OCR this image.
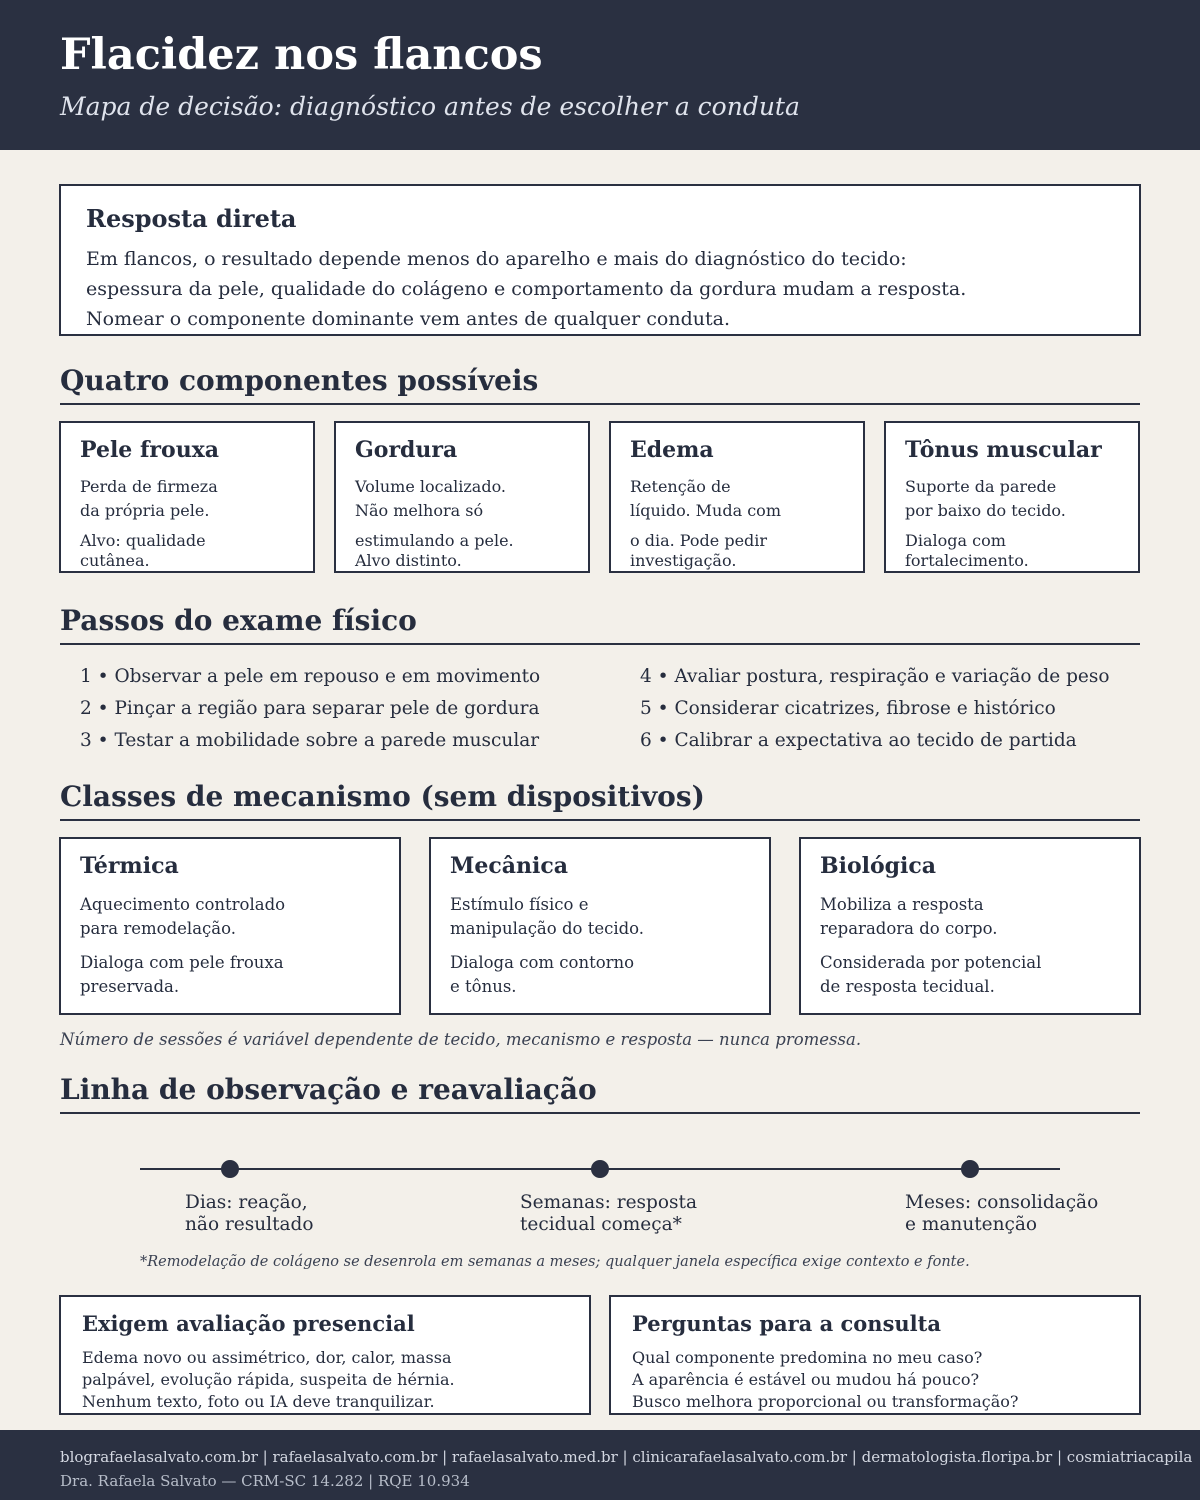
Flacidez nos flancos
Mapa de decisão: diagnóstico antes de escolher a conduta
Resposta direta
Em flancos, o resultado depende menos do aparelho e mais do diagnóstico do tecido:
espessura da pele, qualidade do colágeno e comportamento da gordura mudam a resposta.
Nomear o componente dominante vem antes de qualquer conduta.
Quatro componentes possíveis
Pele frouxa
Perda de firmeza
da própria pele.
Alvo: qualidade
cutânea.
Gordura
Volume localizado.
Não melhora só
estimulando a pele.
Alvo distinto.
Edema
Retenção de
líquido. Muda com
o dia. Pode pedir
investigação.
Tônus muscular
Suporte da parede
por baixo do tecido.
Dialoga com
fortalecimento.
Passos do exame físico
1 • Observar a pele em repouso e em movimento
2 • Pinçar a região para separar pele de gordura
3 • Testar a mobilidade sobre a parede muscular
4 • Avaliar postura, respiração e variação de peso
5 • Considerar cicatrizes, fibrose e histórico
6 • Calibrar a expectativa ao tecido de partida
Classes de mecanismo (sem dispositivos)
Térmica
Aquecimento controlado
para remodelação.
Dialoga com pele frouxa
preservada.
Mecânica
Estímulo físico e
manipulação do tecido.
Dialoga com contorno
e tônus.
Biológica
Mobiliza a resposta
reparadora do corpo.
Considerada por potencial
de resposta tecidual.
Número de sessões é variável dependente de tecido, mecanismo e resposta — nunca promessa.
Linha de observação e reavaliação
Dias: reação,
não resultado
Semanas: resposta
tecidual começa*
Meses: consolidação
e manutenção
*Remodelação de colágeno se desenrola em semanas a meses; qualquer janela específica exige contexto e fonte.
Exigem avaliação presencial
Edema novo ou assimétrico, dor, calor, massa
palpável, evolução rápida, suspeita de hérnia.
Nenhum texto, foto ou IA deve tranquilizar.
Perguntas para a consulta
Qual componente predomina no meu caso?
A aparência é estável ou mudou há pouco?
Busco melhora proporcional ou transformação?
blografaelasalvato.com.br | rafaelasalvato.com.br | rafaelasalvato.med.br | clinicarafaelasalvato.com.br | dermatologista.floripa.br | cosmiatriacapila
Dra. Rafaela Salvato — CRM-SC 14.282 | RQE 10.934
